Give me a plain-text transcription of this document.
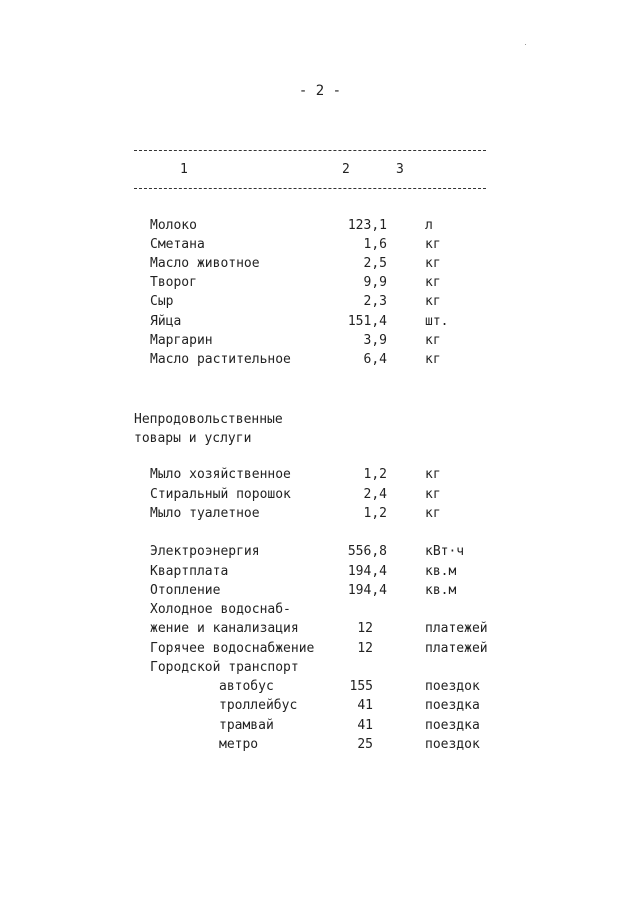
- 2 -
1	2	3
Молоко	123,1	л
Сметана	1,6	кг
Масло животное	2,5	кг
Творог	9,9	кг
Сыр	2,3	кг
Яйца	151,4	шт.
Маргарин	3,9	кг
Масло растительное	6,4	кг
Непродовольственные
товары и услуги
Мыло хозяйственное	1,2	кг
Стиральный порошок	2,4	кг
Мыло туалетное	1,2	кг
Электроэнергия	556,8	кВт·ч
Квартплата	194,4	кв.м
Отопление	194,4	кв.м
Холодное водоснаб-
жение и канализация	12	платежей
Горячее водоснабжение	12	платежей
Городской транспорт
автобус	155	поездок
троллейбус	41	поездка
трамвай	41	поездка
метро	25	поездок
